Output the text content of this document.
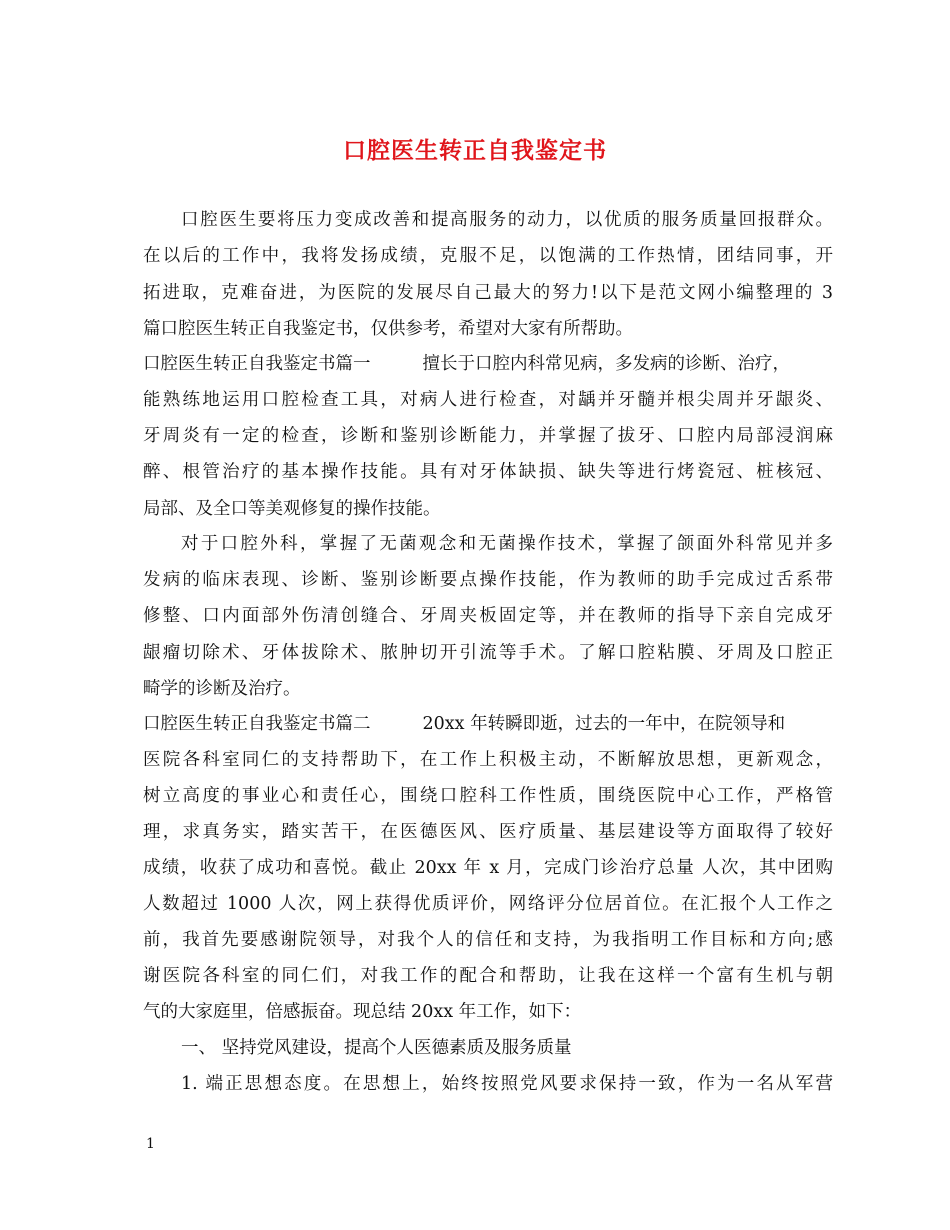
口腔医生转正自我鉴定书
口腔医生要将压力变成改善和提高服务的动力，以优质的服务质量回报群众。
在以后的工作中，我将发扬成绩，克服不足，以饱满的工作热情，团结同事，开
拓进取，克难奋进，为医院的发展尽自己最大的努力!以下是范文网小编整理的 3
篇口腔医生转正自我鉴定书，仅供参考，希望对大家有所帮助。
口腔医生转正自我鉴定书篇一	擅长于口腔内科常见病，多发病的诊断、治疗，
能熟练地运用口腔检查工具，对病人进行检查，对龋并牙髓并根尖周并牙龈炎、
牙周炎有一定的检查，诊断和鉴别诊断能力，并掌握了拔牙、口腔内局部浸润麻
醉、根管治疗的基本操作技能。具有对牙体缺损、缺失等进行烤瓷冠、桩核冠、
局部、及全口等美观修复的操作技能。
对于口腔外科，掌握了无菌观念和无菌操作技术，掌握了颌面外科常见并多
发病的临床表现、诊断、鉴别诊断要点操作技能，作为教师的助手完成过舌系带
修整、口内面部外伤清创缝合、牙周夹板固定等，并在教师的指导下亲自完成牙
龈瘤切除术、牙体拔除术、脓肿切开引流等手术。了解口腔粘膜、牙周及口腔正
畸学的诊断及治疗。
口腔医生转正自我鉴定书篇二	20xx 年转瞬即逝，过去的一年中，在院领导和
医院各科室同仁的支持帮助下，在工作上积极主动，不断解放思想，更新观念，
树立高度的事业心和责任心，围绕口腔科工作性质，围绕医院中心工作，严格管
理，求真务实，踏实苦干，在医德医风、医疗质量、基层建设等方面取得了较好
成绩，收获了成功和喜悦。截止 20xx 年 x 月，完成门诊治疗总量 人次，其中团购
人数超过 1000 人次，网上获得优质评价，网络评分位居首位。在汇报个人工作之
前，我首先要感谢院领导，对我个人的信任和支持，为我指明工作目标和方向;感
谢医院各科室的同仁们，对我工作的配合和帮助，让我在这样一个富有生机与朝
气的大家庭里，倍感振奋。现总结 20xx 年工作，如下：
一、 坚持党风建设，提高个人医德素质及服务质量
1. 端正思想态度。在思想上，始终按照党风要求保持一致，作为一名从军营
1
